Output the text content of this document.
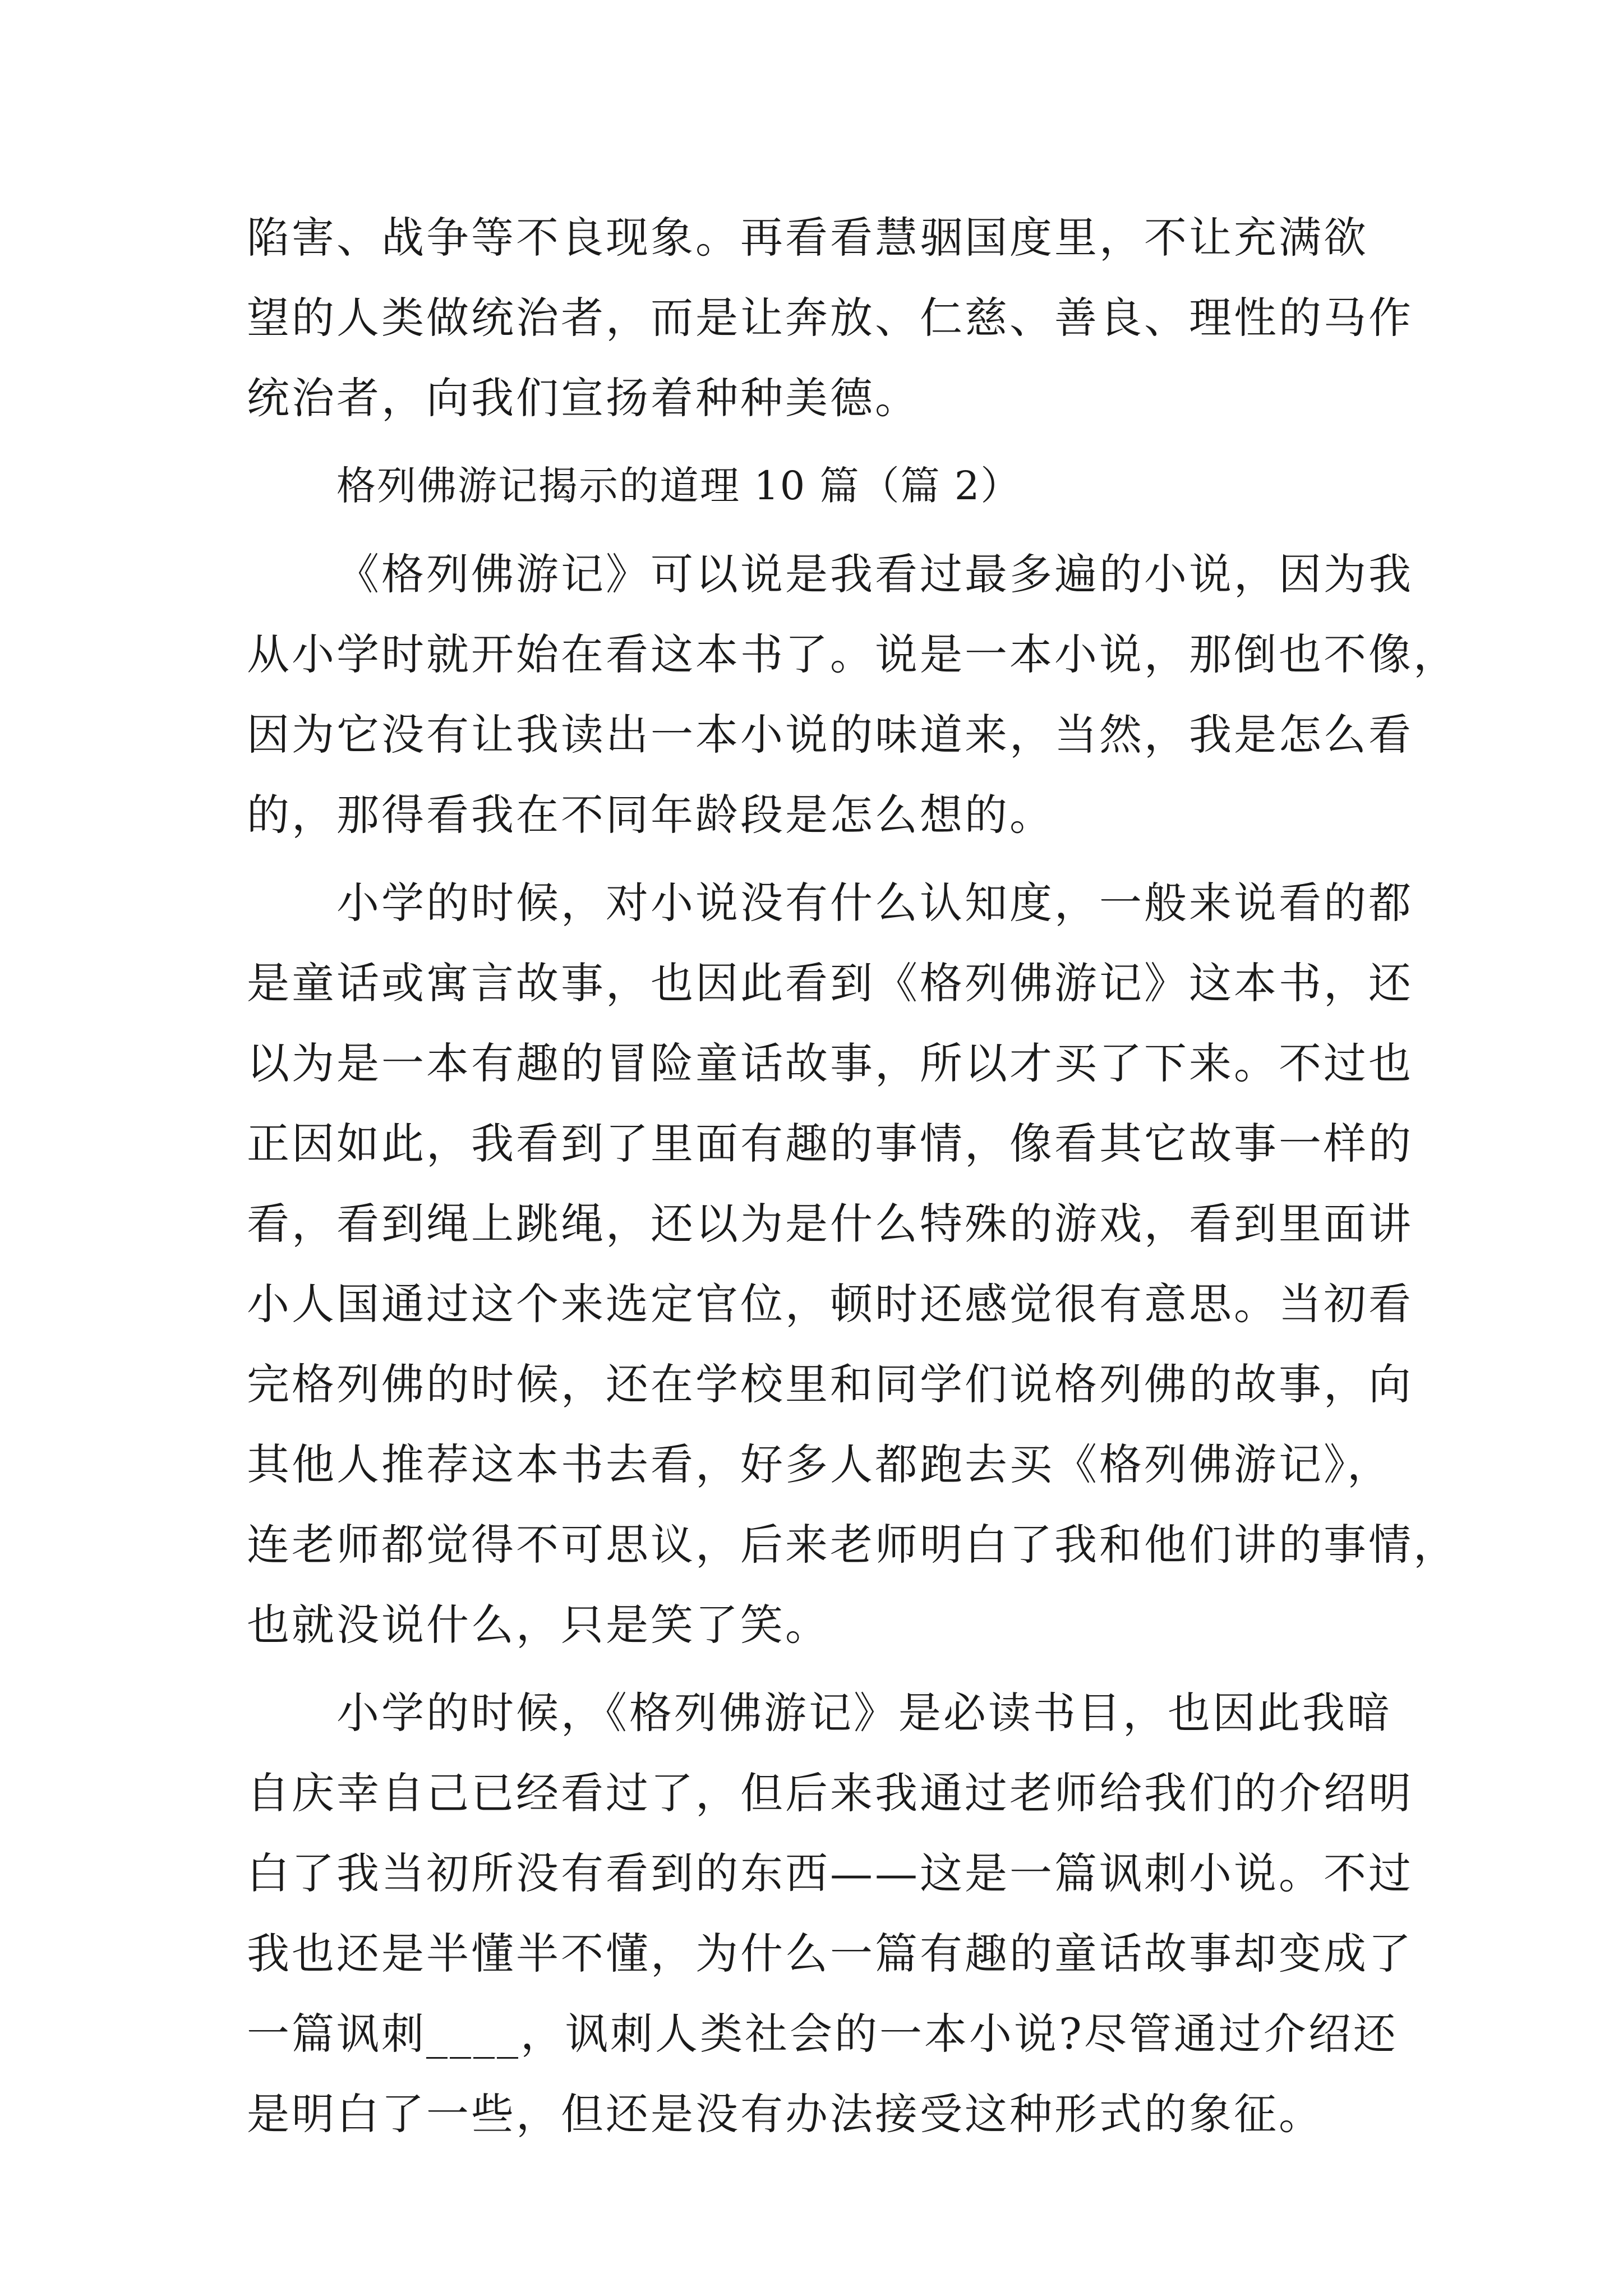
陷害、战争等不良现象。再看看慧骃国度里，不让充满欲
望的人类做统治者，而是让奔放、仁慈、善良、理性的马作
统治者，向我们宣扬着种种美德。
格列佛游记揭示的道理 10 篇（篇 2）
《格列佛游记》可以说是我看过最多遍的小说，因为我
从小学时就开始在看这本书了。说是一本小说，那倒也不像，
因为它没有让我读出一本小说的味道来，当然，我是怎么看
的，那得看我在不同年龄段是怎么想的。
小学的时候，对小说没有什么认知度，一般来说看的都
是童话或寓言故事，也因此看到《格列佛游记》这本书，还
以为是一本有趣的冒险童话故事，所以才买了下来。不过也
正因如此，我看到了里面有趣的事情，像看其它故事一样的
看，看到绳上跳绳，还以为是什么特殊的游戏，看到里面讲
小人国通过这个来选定官位，顿时还感觉很有意思。当初看
完格列佛的时候，还在学校里和同学们说格列佛的故事，向
其他人推荐这本书去看，好多人都跑去买《格列佛游记》，
连老师都觉得不可思议，后来老师明白了我和他们讲的事情，
也就没说什么，只是笑了笑。
小学的时候，《格列佛游记》是必读书目，也因此我暗
自庆幸自己已经看过了，但后来我通过老师给我们的介绍明
白了我当初所没有看到的东西——这是一篇讽刺小说。不过
我也还是半懂半不懂，为什么一篇有趣的童话故事却变成了
一篇讽刺____，讽刺人类社会的一本小说?尽管通过介绍还
是明白了一些，但还是没有办法接受这种形式的象征。
